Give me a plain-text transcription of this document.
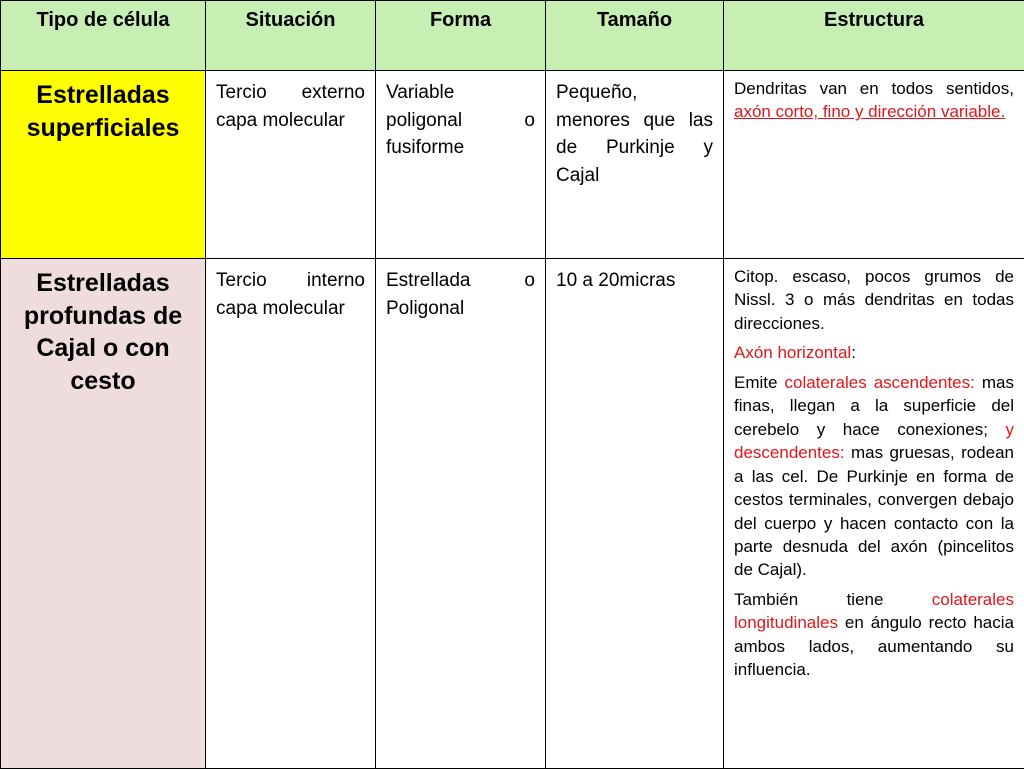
Tipo de célula	Situación	Forma	Tamaño	Estructura
Estrelladas superficiales	Tercio externo capa molecular	Variable poligonal o fusiforme	Pequeño, menores que las de Purkinje y Cajal	Dendritas van en todos sentidos, axón corto, fino y dirección variable.

Estrelladas profundas de Cajal o con cesto	Tercio interno capa molecular	Estrellada o Poligonal	10 a 20micras	Citop. escaso, pocos grumos de Nissl. 3 o más dendritas en todas direcciones.

Axón horizontal:

Emite colaterales ascendentes: mas finas, llegan a la superficie del cerebelo y hace conexiones; y descendentes: mas gruesas, rodean a las cel. De Purkinje en forma de cestos terminales, convergen debajo del cuerpo y hacen contacto con la parte desnuda del axón (pincelitos de Cajal).

También tiene colaterales longitudinales en ángulo recto hacia ambos lados, aumentando su influencia.
